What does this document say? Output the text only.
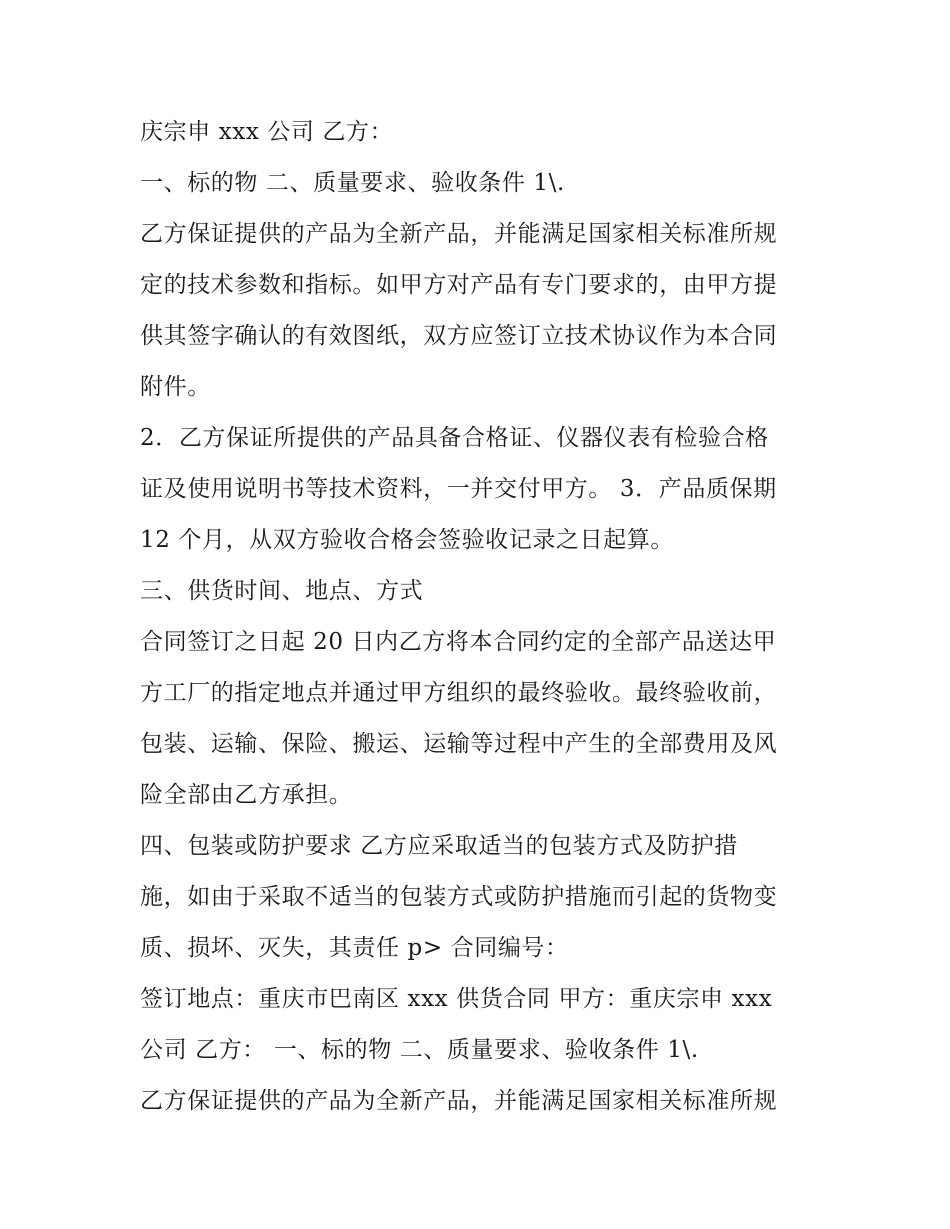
庆宗申 xxx 公司 乙方：
一、标的物 二、质量要求、验收条件 1\.
乙方保证提供的产品为全新产品，并能满足国家相关标准所规
定的技术参数和指标。如甲方对产品有专门要求的，由甲方提
供其签字确认的有效图纸，双方应签订立技术协议作为本合同
附件。
2．乙方保证所提供的产品具备合格证、仪器仪表有检验合格
证及使用说明书等技术资料，一并交付甲方。 3．产品质保期
12 个月，从双方验收合格会签验收记录之日起算。
三、供货时间、地点、方式
合同签订之日起 20 日内乙方将本合同约定的全部产品送达甲
方工厂的指定地点并通过甲方组织的最终验收。最终验收前，
包装、运输、保险、搬运、运输等过程中产生的全部费用及风
险全部由乙方承担。
四、包装或防护要求 乙方应采取适当的包装方式及防护措
施，如由于采取不适当的包装方式或防护措施而引起的货物变
质、损坏、灭失，其责任 p> 合同编号：
签订地点：重庆市巴南区 xxx 供货合同 甲方：重庆宗申 xxx
公司 乙方： 一、标的物 二、质量要求、验收条件 1\.
乙方保证提供的产品为全新产品，并能满足国家相关标准所规
